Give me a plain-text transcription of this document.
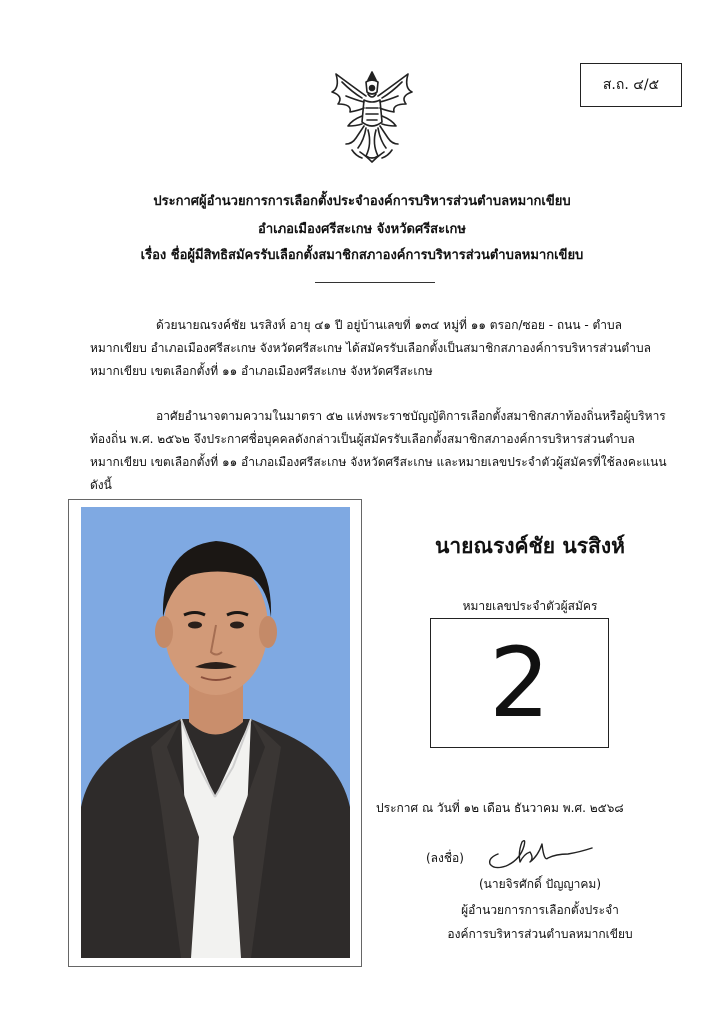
ส.ถ. ๔/๕
ประกาศผู้อำนวยการการเลือกตั้งประจำองค์การบริหารส่วนตำบลหมากเขียบ
อำเภอเมืองศรีสะเกษ จังหวัดศรีสะเกษ
เรื่อง ชื่อผู้มีสิทธิสมัครรับเลือกตั้งสมาชิกสภาองค์การบริหารส่วนตำบลหมากเขียบ
ด้วยนายณรงค์ชัย นรสิงห์ อายุ ๔๑ ปี อยู่บ้านเลขที่ ๑๓๔ หมู่ที่ ๑๑ ตรอก/ซอย - ถนน - ตำบล
หมากเขียบ อำเภอเมืองศรีสะเกษ จังหวัดศรีสะเกษ ได้สมัครรับเลือกตั้งเป็นสมาชิกสภาองค์การบริหารส่วนตำบล
หมากเขียบ เขตเลือกตั้งที่ ๑๑ อำเภอเมืองศรีสะเกษ จังหวัดศรีสะเกษ
อาศัยอำนาจตามความในมาตรา ๕๒ แห่งพระราชบัญญัติการเลือกตั้งสมาชิกสภาท้องถิ่นหรือผู้บริหาร
ท้องถิ่น พ.ศ. ๒๕๖๒ จึงประกาศชื่อบุคคลดังกล่าวเป็นผู้สมัครรับเลือกตั้งสมาชิกสภาองค์การบริหารส่วนตำบล
หมากเขียบ เขตเลือกตั้งที่ ๑๑ อำเภอเมืองศรีสะเกษ จังหวัดศรีสะเกษ และหมายเลขประจำตัวผู้สมัครที่ใช้ลงคะแนน
ดังนี้
นายณรงค์ชัย นรสิงห์
หมายเลขประจำตัวผู้สมัคร
2
ประกาศ ณ วันที่ ๑๒ เดือน ธันวาคม พ.ศ. ๒๕๖๘
(ลงชื่อ)
(นายจิรศักดิ์ ปัญญาคม)
ผู้อำนวยการการเลือกตั้งประจำ
องค์การบริหารส่วนตำบลหมากเขียบ
